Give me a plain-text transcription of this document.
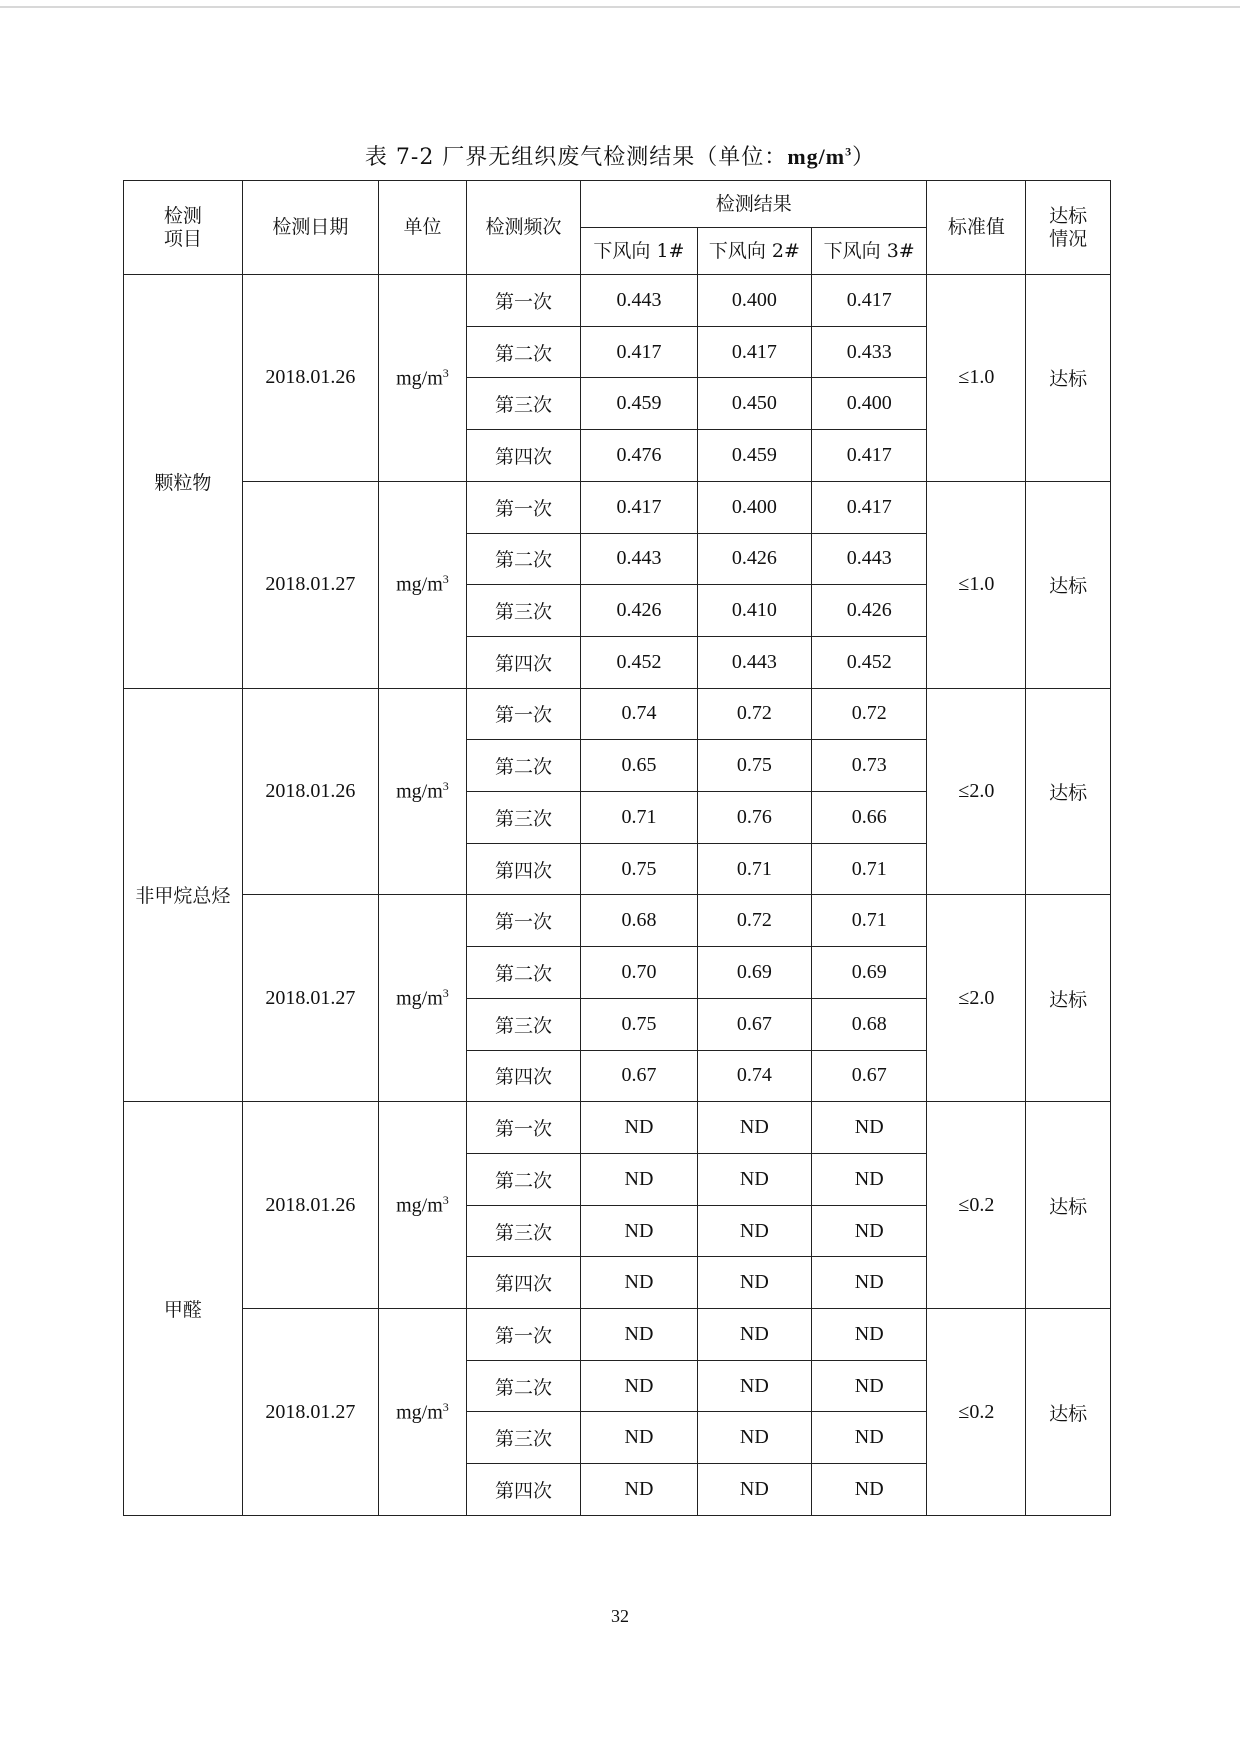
表 7-2 厂界无组织废气检测结果（单位：$mg/m^3$）
检测
项目	检测日期	单位	检测频次	检测结果			标准值	达标
情况
				下风向 1#	下风向 2#	下风向 3#		
颗粒物	2018.01.26	$mg/m^3$	第一次	0.443	0.400	0.417	≤1.0	达标
			第二次	0.417	0.417	0.433		
			第三次	0.459	0.450	0.400		
			第四次	0.476	0.459	0.417		
	2018.01.27	$mg/m^3$	第一次	0.417	0.400	0.417	≤1.0	达标
			第二次	0.443	0.426	0.443		
			第三次	0.426	0.410	0.426		
			第四次	0.452	0.443	0.452		
非甲烷总烃	2018.01.26	$mg/m^3$	第一次	0.74	0.72	0.72	≤2.0	达标
			第二次	0.65	0.75	0.73		
			第三次	0.71	0.76	0.66		
			第四次	0.75	0.71	0.71		
	2018.01.27	$mg/m^3$	第一次	0.68	0.72	0.71	≤2.0	达标
			第二次	0.70	0.69	0.69		
			第三次	0.75	0.67	0.68		
			第四次	0.67	0.74	0.67		
甲醛	2018.01.26	$mg/m^3$	第一次	ND	ND	ND	≤0.2	达标
			第二次	ND	ND	ND		
			第三次	ND	ND	ND		
			第四次	ND	ND	ND		
	2018.01.27	$mg/m^3$	第一次	ND	ND	ND	≤0.2	达标
			第二次	ND	ND	ND		
			第三次	ND	ND	ND		
			第四次	ND	ND	ND		
32
